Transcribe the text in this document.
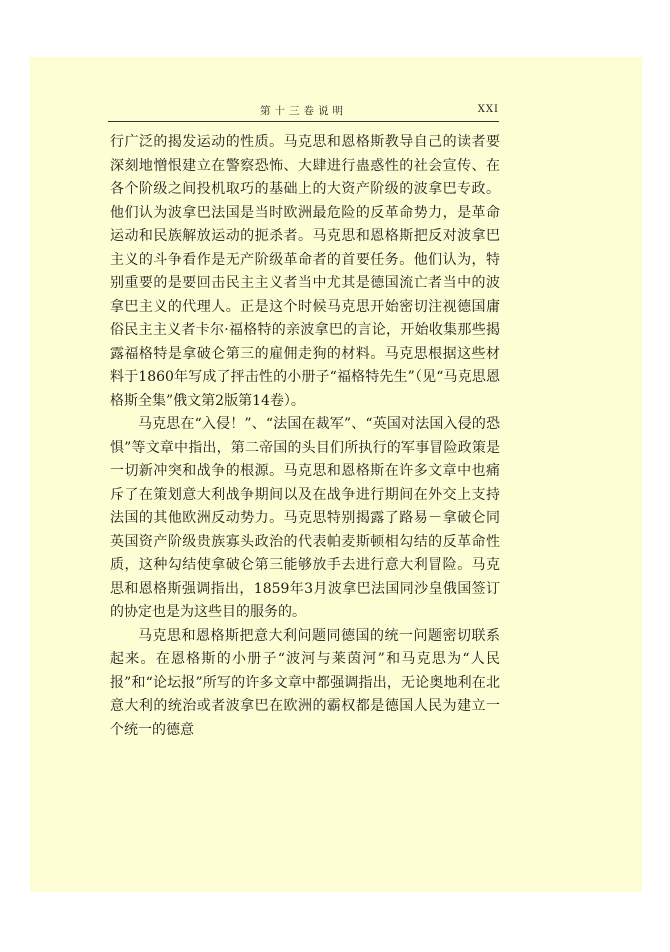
第十三卷说明	XXI

行广泛的揭发运动的性质。马克思和恩格斯教导自己的读者要深刻地憎恨建立在警察恐怖、大肆进行蛊惑性的社会宣传、在各个阶级之间投机取巧的基础上的大资产阶级的波拿巴专政。他们认为波拿巴法国是当时欧洲最危险的反革命势力，是革命运动和民族解放运动的扼杀者。马克思和恩格斯把反对波拿巴主义的斗争看作是无产阶级革命者的首要任务。他们认为，特别重要的是要回击民主主义者当中尤其是德国流亡者当中的波拿巴主义的代理人。正是这个时候马克思开始密切注视德国庸俗民主主义者卡尔·福格特的亲波拿巴的言论，开始收集那些揭露福格特是拿破仑第三的雇佣走狗的材料。马克思根据这些材料于1860年写成了抨击性的小册子“福格特先生”（见“马克思恩格斯全集”俄文第2版第14卷）。

马克思在“入侵！”、“法国在裁军”、“英国对法国入侵的恐惧”等文章中指出，第二帝国的头目们所执行的军事冒险政策是一切新冲突和战争的根源。马克思和恩格斯在许多文章中也痛斥了在策划意大利战争期间以及在战争进行期间在外交上支持法国的其他欧洲反动势力。马克思特别揭露了路易－拿破仑同英国资产阶级贵族寡头政治的代表帕麦斯顿相勾结的反革命性质，这种勾结使拿破仑第三能够放手去进行意大利冒险。马克思和恩格斯强调指出，1859年3月波拿巴法国同沙皇俄国签订的协定也是为这些目的服务的。

马克思和恩格斯把意大利问题同德国的统一问题密切联系起来。在恩格斯的小册子“波河与莱茵河”和马克思为“人民报”和“论坛报”所写的许多文章中都强调指出，无论奥地利在北意大利的统治或者波拿巴在欧洲的霸权都是德国人民为建立一个统一的德意
